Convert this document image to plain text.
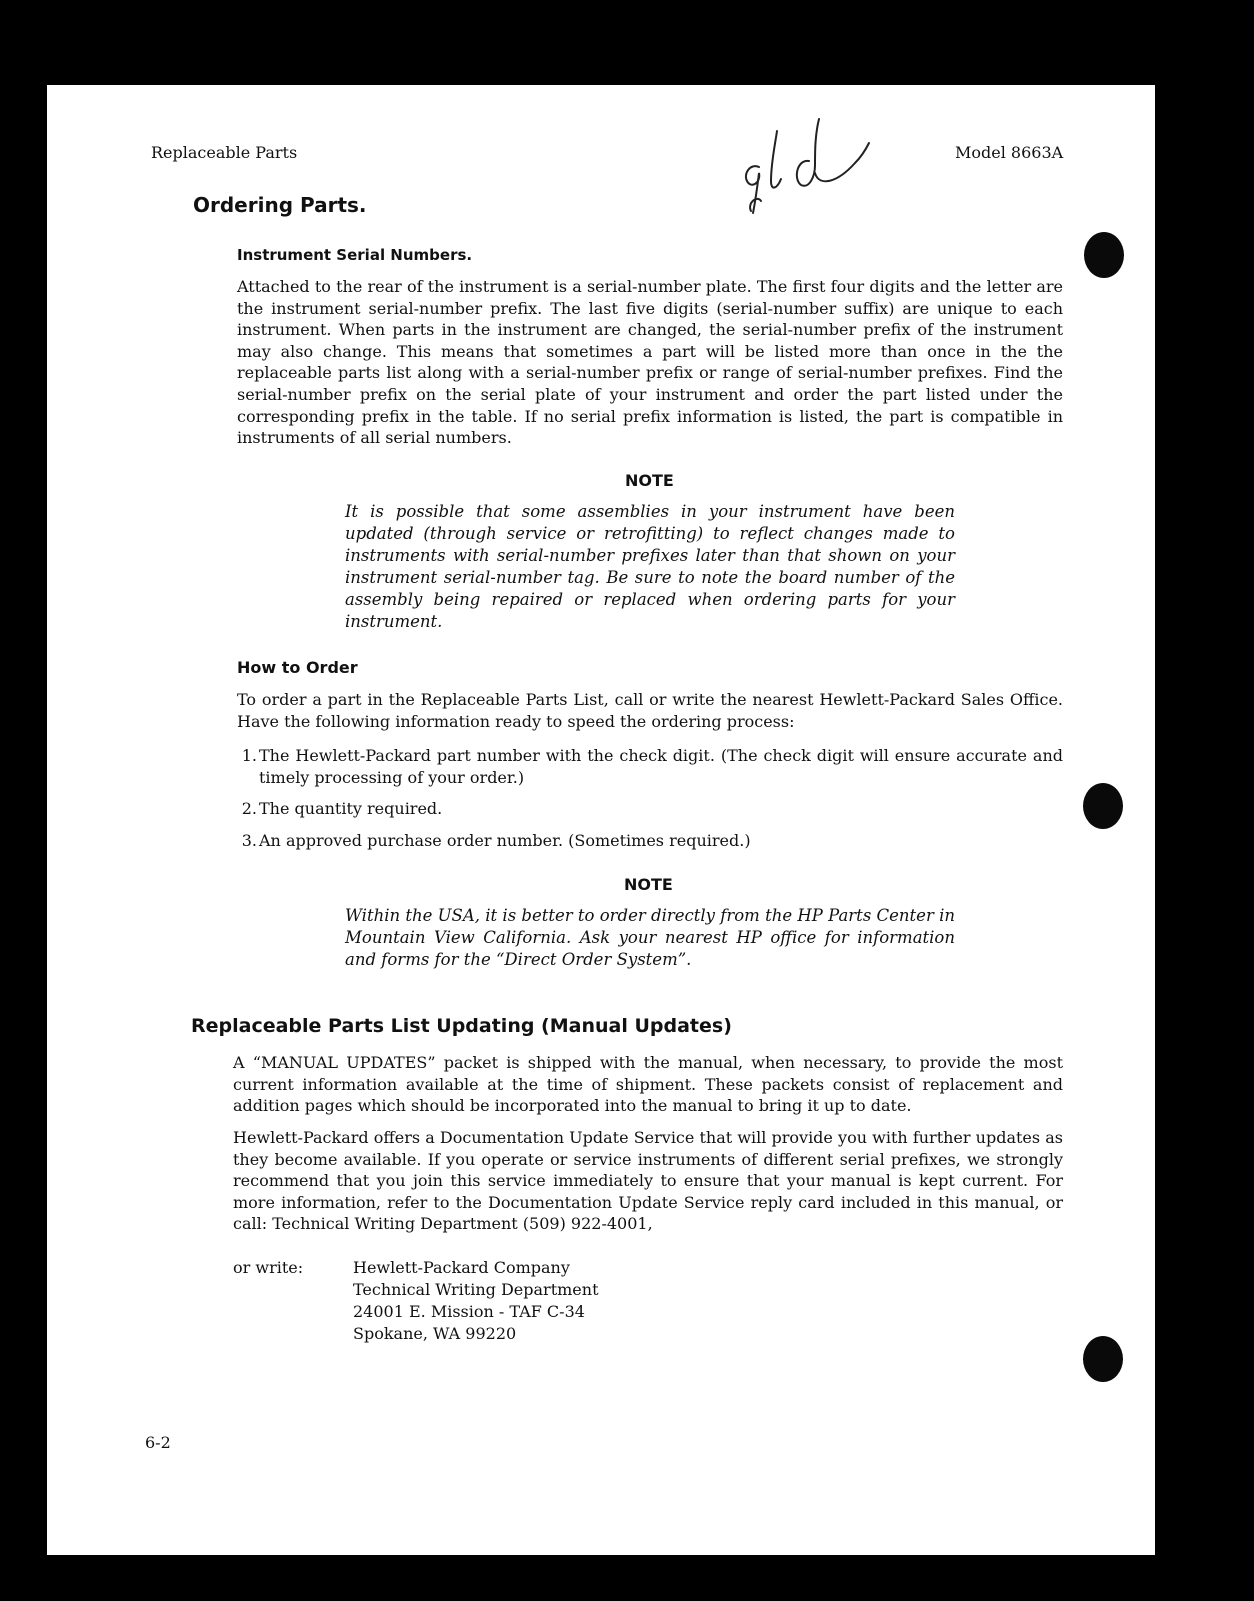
Replaceable Parts	Model 8663A
Ordering Parts.
Instrument Serial Numbers.
Attached to the rear of the instrument is a serial-number plate. The first four digits and the letter are the instrument serial-number prefix. The last five digits (serial-number suffix) are unique to each instrument. When parts in the instrument are changed, the serial-number prefix of the instrument may also change. This means that sometimes a part will be listed more than once in the the replaceable parts list along with a serial-number prefix or range of serial-number prefixes. Find the serial-number prefix on the serial plate of your instrument and order the part listed under the corresponding prefix in the table. If no serial prefix information is listed, the part is compatible in instruments of all serial numbers.
NOTE
It is possible that some assemblies in your instrument have been updated (through service or retrofitting) to reflect changes made to instruments with serial-number prefixes later than that shown on your instrument serial-number tag. Be sure to note the board number of the assembly being repaired or replaced when ordering parts for your instrument.
How to Order
To order a part in the Replaceable Parts List, call or write the nearest Hewlett-Packard Sales Office. Have the following information ready to speed the ordering process:
1. The Hewlett-Packard part number with the check digit. (The check digit will ensure accurate and timely processing of your order.)
2. The quantity required.
3. An approved purchase order number. (Sometimes required.)
NOTE
Within the USA, it is better to order directly from the HP Parts Center in Mountain View California. Ask your nearest HP office for information and forms for the “Direct Order System”.
Replaceable Parts List Updating (Manual Updates)
A “MANUAL UPDATES” packet is shipped with the manual, when necessary, to provide the most current information available at the time of shipment. These packets consist of replacement and addition pages which should be incorporated into the manual to bring it up to date.
Hewlett-Packard offers a Documentation Update Service that will provide you with further updates as they become available. If you operate or service instruments of different serial prefixes, we strongly recommend that you join this service immediately to ensure that your manual is kept current. For more information, refer to the Documentation Update Service reply card included in this manual, or call: Technical Writing Department (509) 922-4001,
or write:	Hewlett-Packard Company
Technical Writing Department
24001 E. Mission - TAF C-34
Spokane, WA 99220
6-2
